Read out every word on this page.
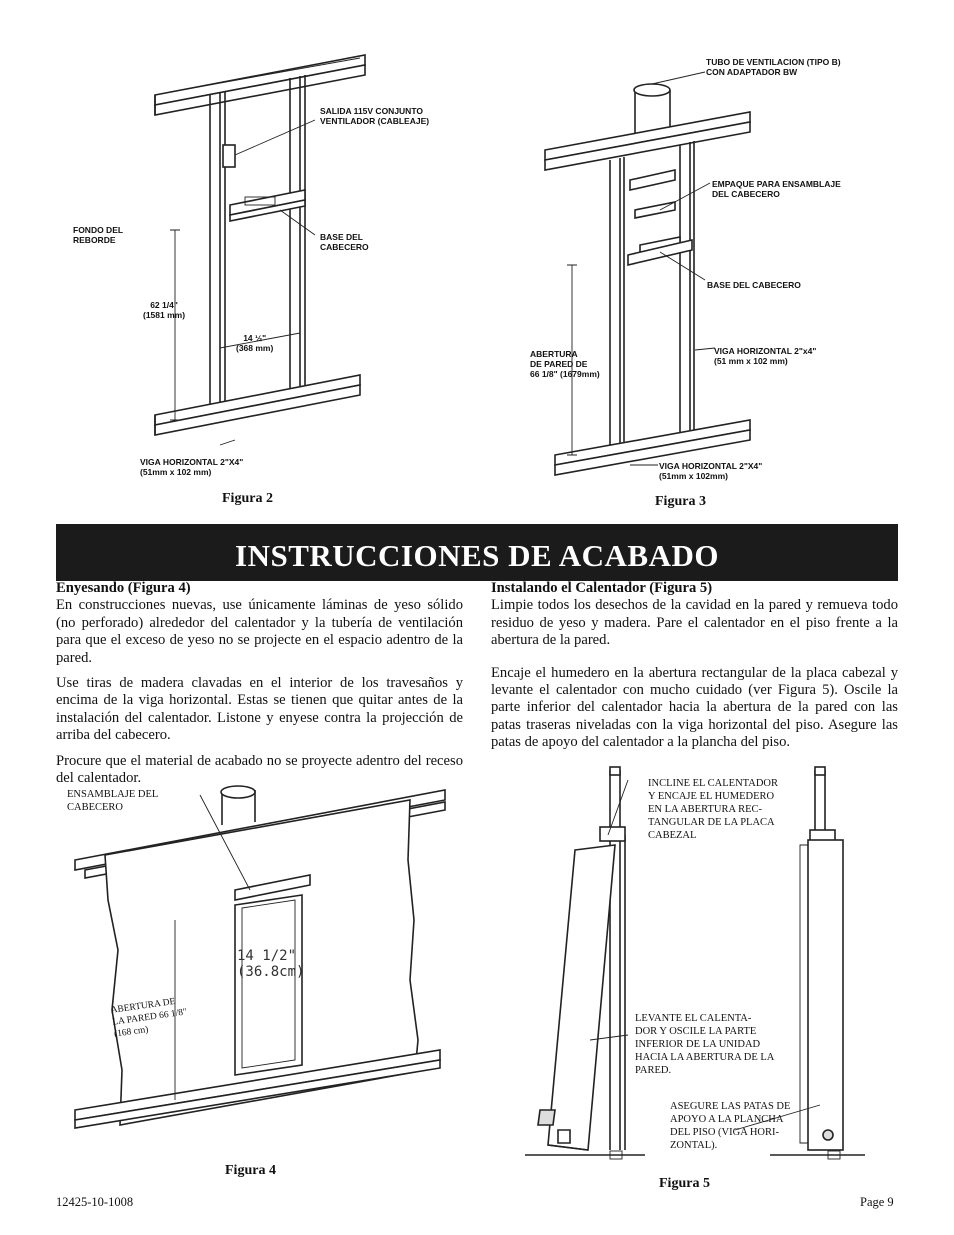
SALIDA 115V CONJUNTO
VENTILADOR (CABLEAJE)
FONDO DEL
REBORDE	BASE DEL
CABECERO
62 1/4"
(1581 mm)
14 ½"
(368 mm)
VIGA HORIZONTAL 2"X4"
(51mm x 102 mm)
Figura 2
TUBO DE VENTILACION (TIPO B)
CON ADAPTADOR BW
EMPAQUE PARA ENSAMBLAJE
DEL CABECERO
BASE DEL CABECERO
ABERTURA
DE PARED DE
66 1/8" (1679mm)
VIGA HORIZONTAL 2"x4"
(51 mm x 102 mm)
VIGA HORIZONTAL 2"X4"
(51mm x 102mm)
Figura 3
INSTRUCCIONES DE ACABADO

Enyesando (Figura 4)
En construcciones nuevas, use únicamente láminas de yeso sólido (no perforado) alrededor del calentador y la tubería de ventilación para que el exceso de yeso no se projecte en el espacio adentro de la pared.

Use tiras de madera clavadas en el interior de los travesaños y encima de la viga horizontal. Estas se tienen que quitar antes de la instalación del calentador. Listone y enyese contra la projección de arriba del cabecero.

Procure que el material de acabado no se proyecte adentro del receso del calentador.

Instalando el Calentador (Figura 5)
Limpie todos los desechos de la cavidad en la pared y remueva todo residuo de yeso y madera. Pare el calentador en el piso frente a la abertura de la pared.

Encaje el humedero en la abertura rectangular de la placa cabezal y levante el calentador con mucho cuidado (ver Figura 5). Oscile la parte inferior del calentador hacia la abertura de la pared con las patas traseras niveladas con la viga horizontal del piso. Asegure las patas de apoyo del calentador a la plancha del piso.

ENSAMBLAJE DEL
CABECERO
14 1/2"
(36.8cm)
ABERTURA DE
LA PARED 66 1/8"
(168 cm)
Figura 4
INCLINE EL CALENTADOR
Y ENCAJE EL HUMEDERO
EN LA ABERTURA REC-
TANGULAR DE LA PLACA
CABEZAL
LEVANTE EL CALENTA-
DOR Y OSCILE LA PARTE
INFERIOR DE LA UNIDAD
HACIA LA ABERTURA DE LA
PARED.
ASEGURE LAS PATAS DE
APOYO A LA PLANCHA
DEL PISO (VIGA HORI-
ZONTAL).
Figura 5
12425-10-1008	Page 9
